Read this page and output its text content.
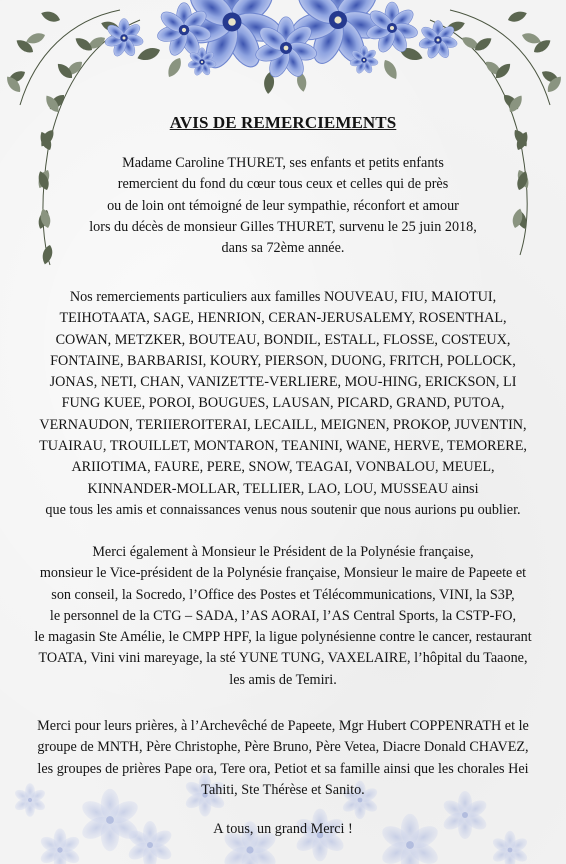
AVIS DE REMERCIEMENTS
Madame Caroline THURET, ses enfants et petits enfants
remercient du fond du cœur tous ceux et celles qui de près
ou de loin ont témoigné de leur sympathie, réconfort et amour
lors du décès de monsieur Gilles THURET, survenu le 25 juin 2018,
dans sa 72ème année.
Nos remerciements particuliers aux familles NOUVEAU, FIU, MAIOTUI,
TEIHOTAATA, SAGE, HENRION, CERAN-JERUSALEMY, ROSENTHAL,
COWAN, METZKER, BOUTEAU, BONDIL, ESTALL, FLOSSE, COSTEUX,
FONTAINE, BARBARISI, KOURY, PIERSON, DUONG, FRITCH, POLLOCK,
JONAS, NETI, CHAN, VANIZETTE-VERLIERE, MOU-HING, ERICKSON, LI
FUNG KUEE, POROI, BOUGUES, LAUSAN, PICARD, GRAND, PUTOA,
VERNAUDON, TERIIEROITERAI, LECAILL, MEIGNEN, PROKOP, JUVENTIN,
TUAIRAU, TROUILLET, MONTARON, TEANINI, WANE, HERVE, TEMORERE,
ARIIOTIMA, FAURE, PERE, SNOW, TEAGAI, VONBALOU, MEUEL,
KINNANDER-MOLLAR, TELLIER, LAO, LOU, MUSSEAU ainsi
que tous les amis et connaissances venus nous soutenir que nous aurions pu oublier.
Merci également à Monsieur le Président de la Polynésie française,
monsieur le Vice-président de la Polynésie française, Monsieur le maire de Papeete et
son conseil, la Socredo, l’Office des Postes et Télécommunications, VINI, la S3P,
le personnel de la CTG – SADA, l’AS AORAI, l’AS Central Sports, la CSTP-FO,
le magasin Ste Amélie, le CMPP HPF, la ligue polynésienne contre le cancer, restaurant
TOATA, Vini vini mareyage, la sté YUNE TUNG, VAXELAIRE, l’hôpital du Taaone,
les amis de Temiri.
Merci pour leurs prières, à l’Archevêché de Papeete, Mgr Hubert COPPENRATH et le
groupe de MNTH, Père Christophe, Père Bruno, Père Vetea, Diacre Donald CHAVEZ,
les groupes de prières Pape ora, Tere ora, Petiot et sa famille ainsi que les chorales Hei
Tahiti, Ste Thérèse et Sanito.
A tous, un grand Merci !
